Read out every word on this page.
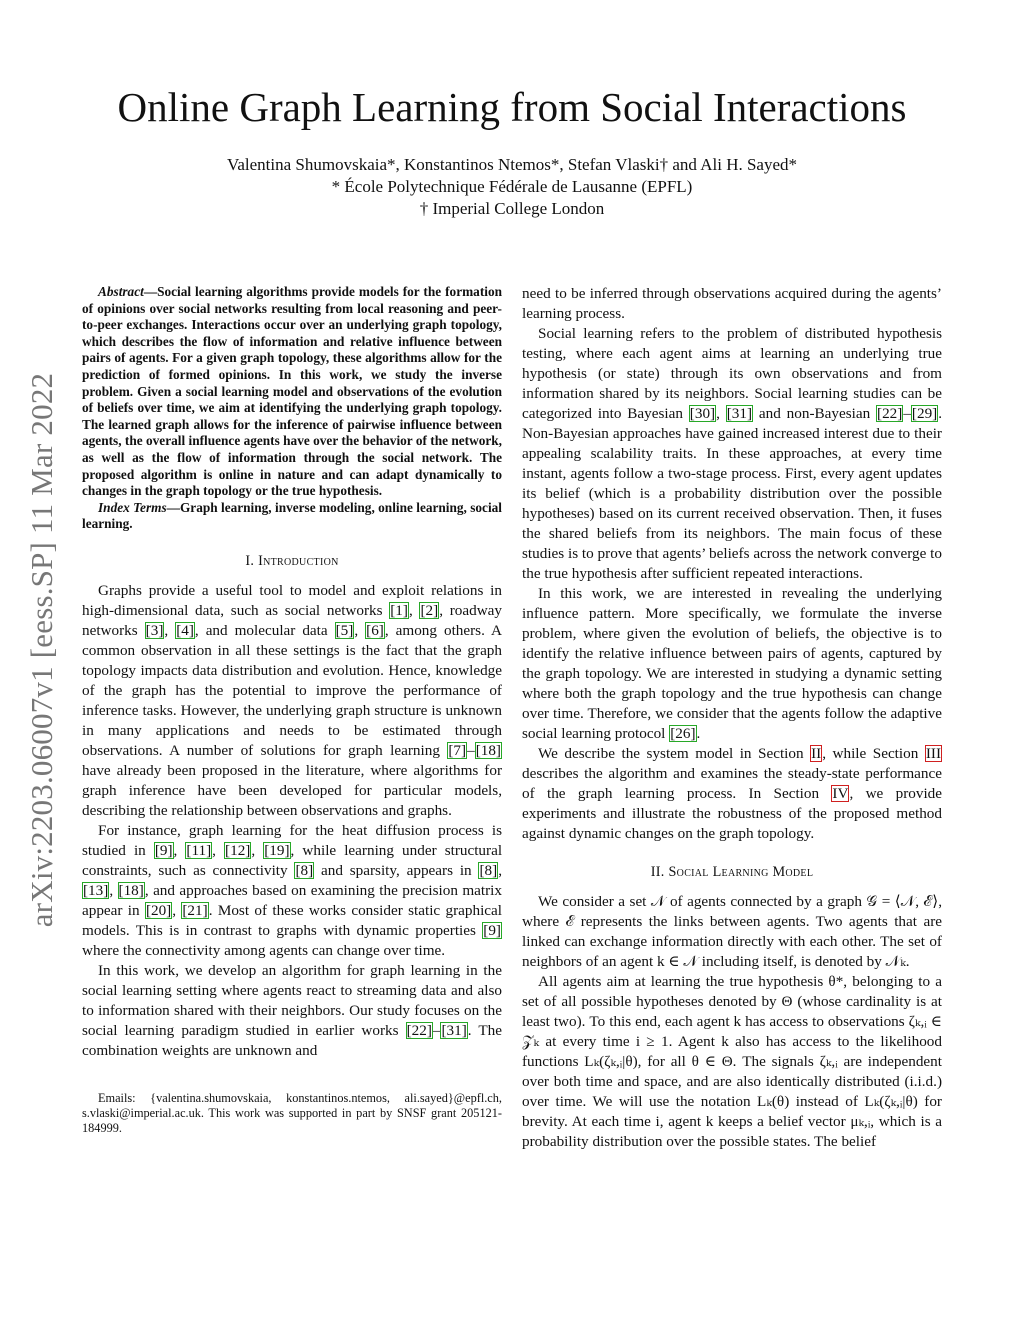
arXiv:2203.06007v1 [eess.SP] 11 Mar 2022
Online Graph Learning from Social Interactions
Valentina Shumovskaia*, Konstantinos Ntemos*, Stefan Vlaski† and Ali H. Sayed*
* École Polytechnique Fédérale de Lausanne (EPFL)
† Imperial College London

Abstract—Social learning algorithms provide models for the formation of opinions over social networks resulting from local reasoning and peer-to-peer exchanges. Interactions occur over an underlying graph topology, which describes the flow of information and relative influence between pairs of agents. For a given graph topology, these algorithms allow for the prediction of formed opinions. In this work, we study the inverse problem. Given a social learning model and observations of the evolution of beliefs over time, we aim at identifying the underlying graph topology. The learned graph allows for the inference of pairwise influence between agents, the overall influence agents have over the behavior of the network, as well as the flow of information through the social network. The proposed algorithm is online in nature and can adapt dynamically to changes in the graph topology or the true hypothesis.

Index Terms—Graph learning, inverse modeling, online learning, social learning.

I. Introduction

Graphs provide a useful tool to model and exploit relations in high-dimensional data, such as social networks [1], [2], roadway networks [3], [4], and molecular data [5], [6], among others. A common observation in all these settings is the fact that the graph topology impacts data distribution and evolution. Hence, knowledge of the graph has the potential to improve the performance of inference tasks. However, the underlying graph structure is unknown in many applications and needs to be estimated through observations. A number of solutions for graph learning [7]–[18] have already been proposed in the literature, where algorithms for graph inference have been developed for particular models, describing the relationship between observations and graphs.

For instance, graph learning for the heat diffusion process is studied in [9], [11], [12], [19], while learning under structural constraints, such as connectivity [8] and sparsity, appears in [8], [13], [18], and approaches based on examining the precision matrix appear in [20], [21]. Most of these works consider static graphical models. This is in contrast to graphs with dynamic properties [9] where the connectivity among agents can change over time.

In this work, we develop an algorithm for graph learning in the social learning setting where agents react to streaming data and also to information shared with their neighbors. Our study focuses on the social learning paradigm studied in earlier works [22]–[31]. The combination weights are unknown and

Emails: {valentina.shumovskaia, konstantinos.ntemos, ali.sayed}@epfl.ch, s.vlaski@imperial.ac.uk. This work was supported in part by SNSF grant 205121-184999.

need to be inferred through observations acquired during the agents’ learning process.

Social learning refers to the problem of distributed hypothesis testing, where each agent aims at learning an underlying true hypothesis (or state) through its own observations and from information shared by its neighbors. Social learning studies can be categorized into Bayesian [30], [31] and non-Bayesian [22]–[29]. Non-Bayesian approaches have gained increased interest due to their appealing scalability traits. In these approaches, at every time instant, agents follow a two-stage process. First, every agent updates its belief (which is a probability distribution over the possible hypotheses) based on its current received observation. Then, it fuses the shared beliefs from its neighbors. The main focus of these studies is to prove that agents’ beliefs across the network converge to the true hypothesis after sufficient repeated interactions.

In this work, we are interested in revealing the underlying influence pattern. More specifically, we formulate the inverse problem, where given the evolution of beliefs, the objective is to identify the relative influence between pairs of agents, captured by the graph topology. We are interested in studying a dynamic setting where both the graph topology and the true hypothesis can change over time. Therefore, we consider that the agents follow the adaptive social learning protocol [26].

We describe the system model in Section II, while Section III describes the algorithm and examines the steady-state performance of the graph learning process. In Section IV, we provide experiments and illustrate the robustness of the proposed method against dynamic changes on the graph topology.

II. Social Learning Model

We consider a set 𝒩 of agents connected by a graph 𝒢 = ⟨𝒩, ℰ⟩, where ℰ represents the links between agents. Two agents that are linked can exchange information directly with each other. The set of neighbors of an agent k ∈ 𝒩 including itself, is denoted by 𝒩ₖ.

All agents aim at learning the true hypothesis θ*, belonging to a set of all possible hypotheses denoted by Θ (whose cardinality is at least two). To this end, each agent k has access to observations ζₖ,ᵢ ∈ 𝒵ₖ at every time i ≥ 1. Agent k also has access to the likelihood functions Lₖ(ζₖ,ᵢ|θ), for all θ ∈ Θ. The signals ζₖ,ᵢ are independent over both time and space, and are also identically distributed (i.i.d.) over time. We will use the notation Lₖ(θ) instead of Lₖ(ζₖ,ᵢ|θ) for brevity. At each time i, agent k keeps a belief vector μₖ,ᵢ, which is a probability distribution over the possible states. The belief
